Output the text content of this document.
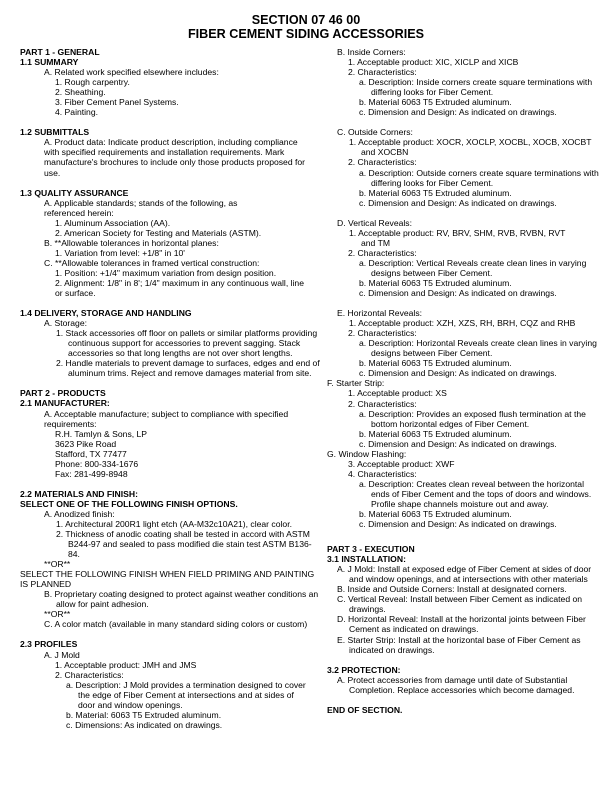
SECTION 07 46 00
FIBER CEMENT SIDING ACCESSORIES
PART 1 - GENERAL
1.1 SUMMARY
A. Related work specified elsewhere includes:
1. Rough carpentry.
2. Sheathing.
3. Fiber Cement Panel Systems.
4. Painting.
1.2 SUBMITTALS
A. Product data: Indicate product description, including compliance with specified requirements and installation requirements. Mark manufacture's brochures to include only those products proposed for use.
1.3 QUALITY ASSURANCE
A. Applicable standards; stands of the following, as referenced herein:
1. Aluminum Association (AA).
2. American Society for Testing and Materials (ASTM).
B. **Allowable tolerances in horizontal planes:
1. Variation from level: +1/8" in 10'
C. **Allowable tolerances in framed vertical construction:
1. Position: +1/4" maximum variation from design position.
2. Alignment: 1/8" in 8'; 1/4" maximum in any continuous wall, line or surface.
1.4 DELIVERY, STORAGE AND HANDLING
A. Storage:
1. Stack accessories off floor on pallets or similar platforms providing continuous support for accessories to prevent sagging. Stack accessories so that long lengths are not over short lengths.
2. Handle materials to prevent damage to surfaces, edges and end of aluminum trims. Reject and remove damages material from site.
PART 2 - PRODUCTS
2.1 MANUFACTURER:
A. Acceptable manufacture; subject to compliance with specified requirements:
R.H. Tamlyn & Sons, LP
3623 Pike Road
Stafford, TX 77477
Phone: 800-334-1676
Fax: 281-499-8948
2.2 MATERIALS AND FINISH:
SELECT ONE OF THE FOLLOWING FINISH OPTIONS.
A. Anodized finish:
1. Architectural 200R1 light etch (AA-M32c10A21), clear color.
2. Thickness of anodic coating shall be tested in accord with ASTM B244-97 and sealed to pass modified die stain test ASTM B136-84.
**OR**
SELECT THE FOLLOWING FINISH WHEN FIELD PRIMING AND PAINTING IS PLANNED
B. Proprietary coating designed to protect against weather conditions an allow for paint adhesion.
**OR**
C. A color match (available in many standard siding colors or custom)
2.3 PROFILES
A. J Mold
1. Acceptable product: JMH and JMS
2. Characteristics:
a. Description: J Mold provides a termination designed to cover the edge of Fiber Cement at intersections and at sides of door and window openings.
b. Material: 6063 T5 Extruded aluminum.
c. Dimensions: As indicated on drawings.
B. Inside Corners:
1. Acceptable product: XIC, XICLP and XICB
2. Characteristics:
a. Description: Inside corners create square terminations with differing looks for Fiber Cement.
b. Material 6063 T5 Extruded aluminum.
c. Dimension and Design: As indicated on drawings.
C. Outside Corners:
1. Acceptable product: XOCR, XOCLP, XOCBL, XOCB, XOCBT and XOCBN
2. Characteristics:
a. Description: Outside corners create square terminations with differing looks for Fiber Cement.
b. Material 6063 T5 Extruded aluminum.
c. Dimension and Design: As indicated on drawings.
D. Vertical Reveals:
1. Acceptable product: RV, BRV, SHM, RVB, RVBN, RVT and TM
2. Characteristics:
a. Description: Vertical Reveals create clean lines in varying designs between Fiber Cement.
b. Material 6063 T5 Extruded aluminum.
c. Dimension and Design: As indicated on drawings.
E. Horizontal Reveals:
1. Acceptable product: XZH, XZS, RH, BRH, CQZ and RHB
2. Characteristics:
a. Description: Horizontal Reveals create clean lines in varying designs between Fiber Cement.
b. Material 6063 T5 Extruded aluminum.
c. Dimension and Design: As indicated on drawings.
F. Starter Strip:
1. Acceptable product: XS
2. Characteristics:
a. Description: Provides an exposed flush termination at the bottom horizontal edges of Fiber Cement.
b. Material 6063 T5 Extruded aluminum.
c. Dimension and Design: As indicated on drawings.
G. Window Flashing:
3. Acceptable product: XWF
4. Characteristics:
a. Description: Creates clean reveal between the horizontal ends of Fiber Cement and the tops of doors and windows. Profile shape channels moisture out and away.
b. Material 6063 T5 Extruded aluminum.
c. Dimension and Design: As indicated on drawings.
PART 3 - EXECUTION
3.1 INSTALLATION:
A. J Mold: Install at exposed edge of Fiber Cement at sides of door and window openings, and at intersections with other materials
B. Inside and Outside Corners: Install at designated corners.
C. Vertical Reveal: Install between Fiber Cement as indicated on drawings.
D. Horizontal Reveal: Install at the horizontal joints between Fiber Cement as indicated on drawings.
E. Starter Strip: Install at the horizontal base of Fiber Cement as indicated on drawings.
3.2 PROTECTION:
A. Protect accessories from damage until date of Substantial Completion. Replace accessories which become damaged.
END OF SECTION.
